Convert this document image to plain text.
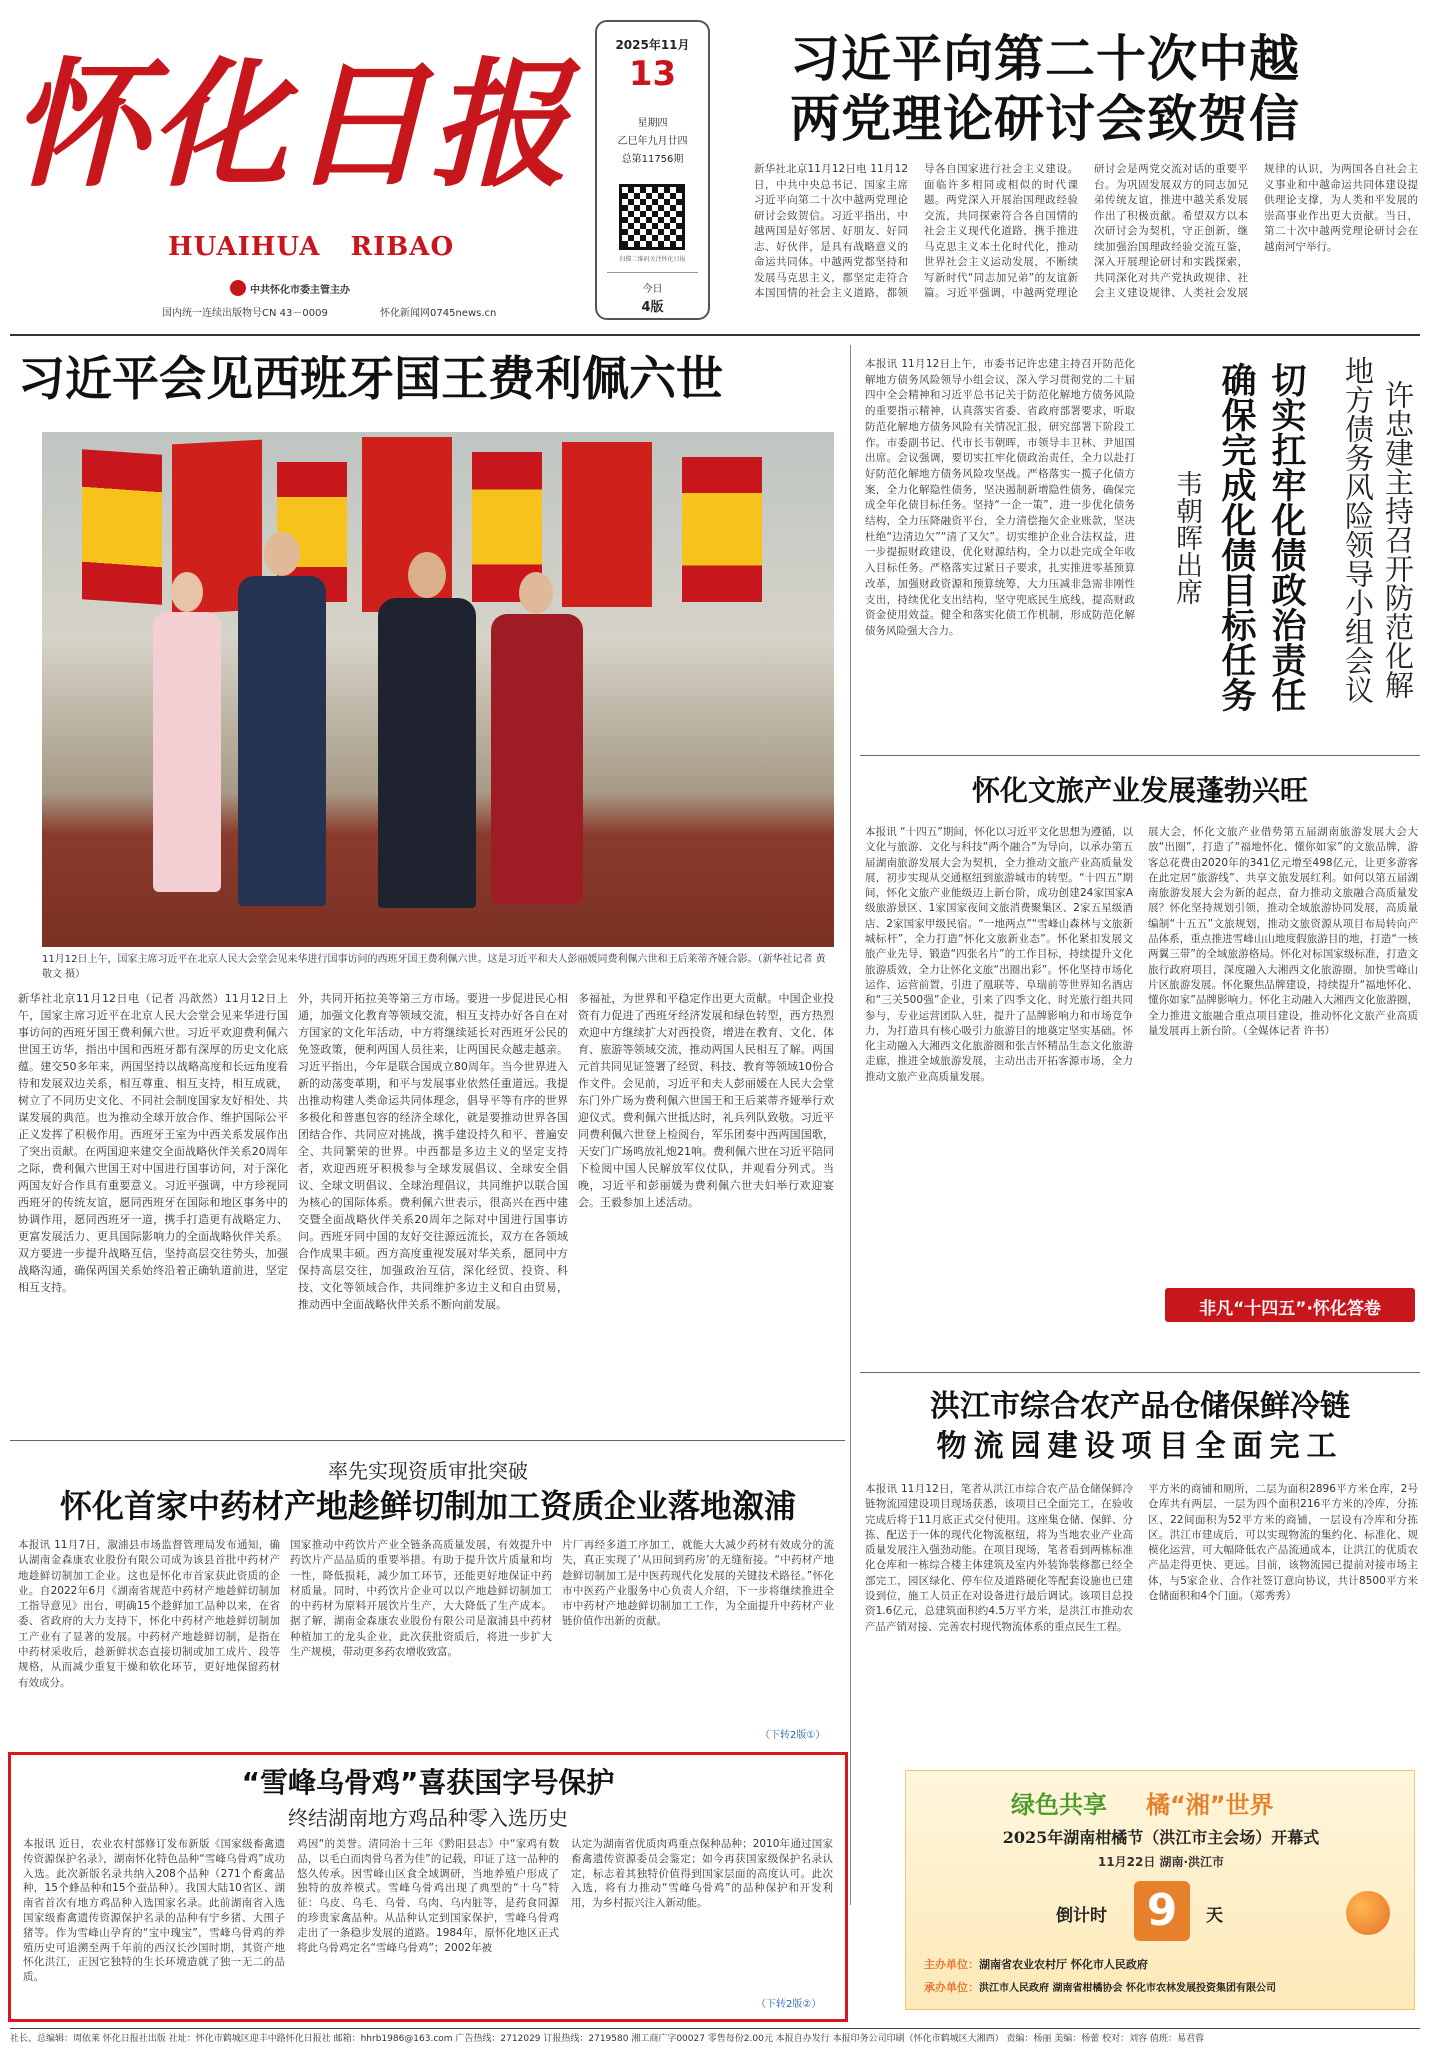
怀化日报
HUAIHUA   RIBAO
中共怀化市委主管主办
国内统一连续出版物号CN 43－0009	怀化新闻网0745news.cn
2025年11月
13
星期四
乙巳年九月廿四
总第11756期
扫描二维码关注怀化日报
今日
4版
习近平向第二十次中越
两党理论研讨会致贺信
新华社北京11月12日电 11月12日，中共中央总书记、国家主席习近平向第二十次中越两党理论研讨会致贺信。习近平指出，中越两国是好邻居、好朋友、好同志、好伙伴，是具有战略意义的命运共同体。中越两党都坚持和发展马克思主义，都坚定走符合本国国情的社会主义道路，都领导各自国家进行社会主义建设。面临许多相同或相似的时代课题。两党深入开展治国理政经验交流，共同探索符合各自国情的社会主义现代化道路，携手推进马克思主义本土化时代化，推动世界社会主义运动发展，不断续写新时代“同志加兄弟”的友谊新篇。习近平强调，中越两党理论研讨会是两党交流对话的重要平台。为巩固发展双方的同志加兄弟传统友谊，推进中越关系发展作出了积极贡献。希望双方以本次研讨会为契机，守正创新，继续加强治国理政经验交流互鉴，深入开展理论研讨和实践探索，共同深化对共产党执政规律、社会主义建设规律、人类社会发展规律的认识，为两国各自社会主义事业和中越命运共同体建设提供理论支撑，为人类和平发展的崇高事业作出更大贡献。当日，第二十次中越两党理论研讨会在越南河宁举行。
习近平会见西班牙国王费利佩六世
11月12日上午，国家主席习近平在北京人民大会堂会见来华进行国事访问的西班牙国王费利佩六世。这是习近平和夫人彭丽媛同费利佩六世和王后莱蒂齐娅合影。（新华社记者 黄敬文 摄）
新华社北京11月12日电（记者 冯歆然）11月12日上午，国家主席习近平在北京人民大会堂会见来华进行国事访问的西班牙国王费利佩六世。习近平欢迎费利佩六世国王访华，指出中国和西班牙都有深厚的历史文化底蕴。建交50多年来，两国坚持以战略高度和长远角度看待和发展双边关系，相互尊重、相互支持，相互成就，树立了不同历史文化、不同社会制度国家友好相处、共谋发展的典范。也为推动全球开放合作、维护国际公平正义发挥了积极作用。西班牙王室为中西关系发展作出了突出贡献。在两国迎来建交全面战略伙伴关系20周年之际，费利佩六世国王对中国进行国事访问，对于深化两国友好合作具有重要意义。习近平强调，中方珍视同西班牙的传统友谊，愿同西班牙在国际和地区事务中的协调作用，愿同西班牙一道，携手打造更有战略定力、更富发展活力、更具国际影响力的全面战略伙伴关系。双方要进一步提升战略互信，坚持高层交往势头，加强战略沟通，确保两国关系始终沿着正确轨道前进，坚定相互支持。
外，共同开拓拉美等第三方市场。要进一步促进民心相通，加强文化教育等领域交流，相互支持办好各自在对方国家的文化年活动，中方将继续延长对西班牙公民的免签政策，便利两国人员往来，让两国民众越走越亲。习近平指出，今年是联合国成立80周年。当今世界进入新的动荡变革期，和平与发展事业依然任重道远。我提出推动构建人类命运共同体理念，倡导平等有序的世界多极化和普惠包容的经济全球化，就是要推动世界各国团结合作、共同应对挑战，携手建设持久和平、普遍安全、共同繁荣的世界。中西都是多边主义的坚定支持者，欢迎西班牙积极参与全球发展倡议、全球安全倡议、全球文明倡议、全球治理倡议，共同维护以联合国为核心的国际体系。费利佩六世表示，很高兴在西中建交暨全面战略伙伴关系20周年之际对中国进行国事访问。西班牙同中国的友好交往源远流长，双方在各领域合作成果丰硕。西方高度重视发展对华关系，愿同中方保持高层交往，加强政治互信，深化经贸、投资、科技、文化等领域合作，共同维护多边主义和自由贸易，推动西中全面战略伙伴关系不断向前发展。
多福祉，为世界和平稳定作出更大贡献。中国企业投资有力促进了西班牙经济发展和绿色转型，西方热烈欢迎中方继续扩大对西投资，增进在教育、文化、体育、旅游等领域交流，推动两国人民相互了解。两国元首共同见证签署了经贸、科技、教育等领域10份合作文件。会见前，习近平和夫人彭丽媛在人民大会堂东门外广场为费利佩六世国王和王后莱蒂齐娅举行欢迎仪式。费利佩六世抵达时，礼兵列队致敬。习近平同费利佩六世登上检阅台，军乐团奏中西两国国歌，天安门广场鸣放礼炮21响。费利佩六世在习近平陪同下检阅中国人民解放军仪仗队，并观看分列式。当晚，习近平和彭丽媛为费利佩六世夫妇举行欢迎宴会。王毅参加上述活动。
本报讯 11月12日上午，市委书记许忠建主持召开防范化解地方债务风险领导小组会议，深入学习贯彻党的二十届四中全会精神和习近平总书记关于防范化解地方债务风险的重要指示精神，认真落实省委、省政府部署要求，听取防范化解地方债务风险有关情况汇报，研究部署下阶段工作。市委副书记、代市长韦朝晖，市领导丰卫林、尹旭国出席。会议强调，要切实扛牢化债政治责任，全力以赴打好防范化解地方债务风险攻坚战。严格落实一揽子化债方案，全力化解隐性债务，坚决遏制新增隐性债务，确保完成全年化债目标任务。坚持“一企一策”，进一步优化债务结构，全力压降融资平台，全力清偿拖欠企业账款，坚决杜绝“边清边欠”“清了又欠”。切实维护企业合法权益，进一步提振财政建设，优化财源结构，全力以赴完成全年收入目标任务。严格落实过紧日子要求，扎实推进零基预算改革，加强财政资源和预算统筹，大力压减非急需非刚性支出，持续优化支出结构，坚守兜底民生底线，提高财政资金使用效益。健全和落实化债工作机制，形成防范化解债务风险强大合力。	许忠建主持召开防范化解
地方债务风险领导小组会议
切实扛牢化债政治责任
确保完成化债目标任务
韦朝晖出席
怀化文旅产业发展蓬勃兴旺
本报讯 “十四五”期间，怀化以习近平文化思想为遵循，以文化与旅游、文化与科技“两个融合”为导向，以承办第五届湖南旅游发展大会为契机，全力推动文旅产业高质量发展，初步实现从交通枢纽到旅游城市的转型。“十四五”期间，怀化文旅产业能级迈上新台阶，成功创建24家国家A级旅游景区、1家国家夜间文旅消费聚集区、2家五星级酒店、2家国家甲级民宿。“一地两点”“雪峰山森林与文旅新城标杆”，全力打造“怀化文旅新业态”。怀化紧扣发展文旅产业先导、锻造“四张名片”的工作目标，持续提升文化旅游质效，全力让怀化文旅“出圈出彩”。怀化坚持市场化运作、运营前置，引进了凰联等、阜瑞前等世界知名酒店和“三关500强”企业，引来了四季文化、时光旅行组共同参与，专业运营团队入驻，提升了品牌影响力和市场竞争力，为打造具有核心吸引力旅游目的地奠定坚实基础。怀化主动融入大湘西文化旅游圈和张吉怀精品生态文化旅游走廊，推进全域旅游发展，主动出击开拓客源市场，全力推动文旅产业高质量发展。
展大会，怀化文旅产业借势第五届湖南旅游发展大会大放“出圈”，打造了“福地怀化、懂你如家”的文旅品牌，游客总花费由2020年的341亿元增至498亿元，让更多游客在此定居“旅游线”、共享文旅发展红利。如何以第五届湖南旅游发展大会为新的起点，奋力推动文旅融合高质量发展？怀化坚持规划引领，推动全域旅游协同发展，高质量编制“十五五”文旅规划，推动文旅资源从项目布局转向产品体系，重点推进雪峰山山地度假旅游目的地，打造“一核两翼三带”的全域旅游格局。怀化对标国家级标准，打造文旅行政府项目，深度融入大湘西文化旅游圈，加快雪峰山片区旅游发展。怀化聚焦品牌建设，持续提升“福地怀化、懂你如家”品牌影响力。怀化主动融入大湘西文化旅游圈，全力推进文旅融合重点项目建设，推动怀化文旅产业高质量发展再上新台阶。（全媒体记者 许书）
非凡“十四五”·怀化答卷
洪江市综合农产品仓储保鲜冷链
物流园建设项目全面完工
本报讯 11月12日，笔者从洪江市综合农产品仓储保鲜冷链物流园建设项目现场获悉，该项目已全面完工，在验收完成后将于11月底正式交付使用。这座集仓储、保鲜、分拣、配送于一体的现代化物流枢纽，将为当地农业产业高质量发展注入强劲动能。在项目现场，笔者看到两栋标准化仓库和一栋综合楼主体建筑及室内外装饰装修都已经全部完工，园区绿化、停车位及道路硬化等配套设施也已建设到位，施工人员正在对设备进行最后调试。该项目总投资1.6亿元，总建筑面积约4.5万平方米，是洪江市推动农产品产销对接、完善农村现代物流体系的重点民生工程。
平方米的商铺和厕所，二层为面积2896平方米仓库，2号仓库共有两层，一层为四个面积216平方米的冷库，分拣区、22间面积为52平方米的商铺，一层设有冷库和分拣区。洪江市建成后，可以实现物流的集约化、标准化、规模化运营，可大幅降低农产品流通成本，让洪江的优质农产品走得更快、更远。目前，该物流园已提前对接市场主体，与5家企业、合作社签订意向协议，共计8500平方米仓储面积和4个门面。（郑秀秀）
率先实现资质审批突破
怀化首家中药材产地趁鲜切制加工资质企业落地溆浦
本报讯 11月7日，溆浦县市场监督管理局发布通知，确认湖南金森康农业股份有限公司成为该县首批中药材产地趁鲜切制加工企业。这也是怀化市首家获此资质的企业。自2022年6月《湖南省规范中药材产地趁鲜切制加工指导意见》出台，明确15个趁鲜加工品种以来，在省委、省政府的大力支持下，怀化中药材产地趁鲜切制加工产业有了显著的发展。中药材产地趁鲜切制，是指在中药材采收后，趁新鲜状态直接切制或加工成片、段等规格，从而减少重复干燥和软化环节，更好地保留药材有效成分。
国家推动中药饮片产业全链条高质量发展，有效提升中药饮片产品品质的重要举措。有助于提升饮片质量和均一性，降低损耗，减少加工环节，还能更好地保证中药材质量。同时，中药饮片企业可以以产地趁鲜切制加工的中药材为原料开展饮片生产，大大降低了生产成本。据了解，湖南金森康农业股份有限公司是溆浦县中药材种植加工的龙头企业，此次获批资质后，将进一步扩大生产规模，带动更多药农增收致富。
片厂再经多道工序加工，就能大大减少药材有效成分的流失，真正实现了‘从田间到药房’的无缝衔接。“中药材产地趁鲜切制加工是中医药现代化发展的关键技术路径。”怀化市中医药产业服务中心负责人介绍，下一步将继续推进全市中药材产地趁鲜切制加工工作，为全面提升中药材产业链价值作出新的贡献。
（下转2版①）
“雪峰乌骨鸡”喜获国字号保护
终结湖南地方鸡品种零入选历史
本报讯 近日，农业农村部修订发布新版《国家级畜禽遗传资源保护名录》，湖南怀化特色品种“雪峰乌骨鸡”成功入选。此次新版名录共纳入208个品种（271个畜禽品种，15个蜂品种和15个蚕品种）。我国大陆10省区、湖南省首次有地方鸡品种入选国家名录。此前湖南省入选国家级畜禽遗传资源保护名录的品种有宁乡猪、大围子猪等。作为雪峰山孕育的“宝中瑰宝”，雪峰乌骨鸡的养殖历史可追溯至两千年前的西汉长沙国时期，其资产地怀化洪江，正因它独特的生长环境造就了独一无二的品质。
鸡因“的美誉。清同治十三年《黔阳县志》中“家鸡有数品，以毛白而肉骨乌者为佳”的记载，印证了这一品种的悠久传承。因雪峰山区食全域调研，当地养殖户形成了独特的放养模式。雪峰乌骨鸡出现了典型的“十乌”特征：乌皮、乌毛、乌骨、乌肉、乌内脏等，是药食同源的珍贵家禽品种。从品种认定到国家保护，雪峰乌骨鸡走出了一条稳步发展的道路。1984年，原怀化地区正式将此乌骨鸡定名“雪峰乌骨鸡”；2002年被
认定为湖南省优质肉鸡重点保种品种；2010年通过国家畜禽遗传资源委员会鉴定；如今再获国家级保护名录认定，标志着其独特价值得到国家层面的高度认可。此次入选，将有力推动“雪峰乌骨鸡”的品种保护和开发利用，为乡村振兴注入新动能。
（下转2版②）
绿色共享 橘“湘”世界
2025年湖南柑橘节（洪江市主会场）开幕式
11月22日 湖南·洪江市
倒计时 9	天
主办单位：湖南省农业农村厅 怀化市人民政府
承办单位：洪江市人民政府 湖南省柑橘协会 怀化市农林发展投资集团有限公司
社长、总编辑：周依莱 怀化日报社出版 社址：怀化市鹤城区迎丰中路怀化日报社 邮箱：hhrb1986@163.com 广告热线：2712029 订报热线：2719580 湘工商广字00027 零售每份2.00元 本报自办发行 本报印务公司印刷（怀化市鹤城区大湘西） 责编：杨丽 美编：杨蕾 校对：刘容 值班：易君蓉
